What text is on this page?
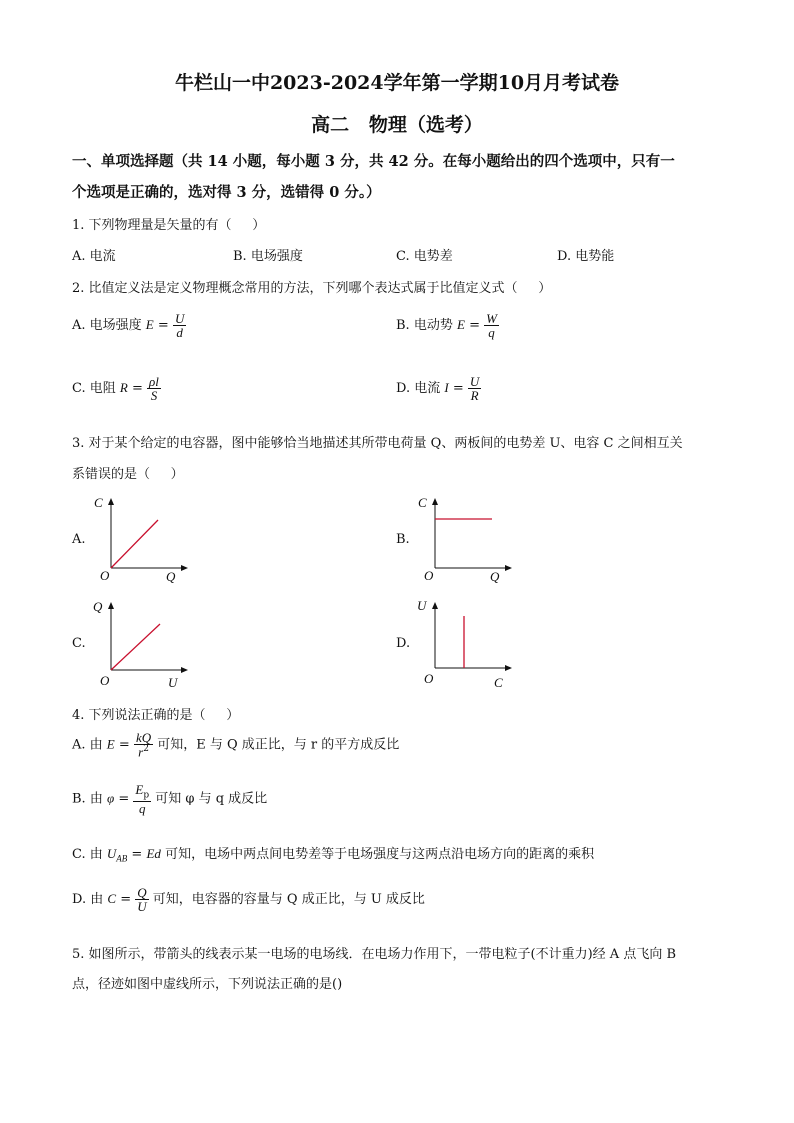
牛栏山一中2023-2024学年第一学期10月月考试卷
高二   物理（选考）
一、单项选择题（共 14 小题，每小题 3 分，共 42 分。在每小题给出的四个选项中，只有一
个选项是正确的，选对得 3 分，选错得 0 分。）
1. 下列物理量是矢量的有（     ）
A. 电流	B. 电场强度	C. 电势差	D. 电势能
2. 比值定义法是定义物理概念常用的方法，下列哪个表达式属于比值定义式（     ）
A. 电场强度 $E = \frac{U}{d}$	B. 电动势 $E = \frac{W}{q}$
C. 电阻 $R = \frac{\rho l}{S}$	D. 电流 $I = \frac{U}{R}$
3. 对于某个给定的电容器，图中能够恰当地描述其所带电荷量 Q、两板间的电势差 U、电容 C 之间相互关
系错误的是（     ）
A.
C
O	Q
B.
C
O	Q
C.
Q
O	U
D.
U
O	C
4. 下列说法正确的是（     ）
A. 由 $E = \frac{kQ}{r^2}$ 可知，E 与 Q 成正比，与 r 的平方成反比
B. 由 $\varphi = \frac{E_p}{q}$ 可知 φ 与 q 成反比
C. 由 $U_{AB} = Ed$ 可知，电场中两点间电势差等于电场强度与这两点沿电场方向的距离的乘积
D. 由 $C = \frac{Q}{U}$ 可知，电容器的容量与 Q 成正比，与 U 成反比
5. 如图所示，带箭头的线表示某一电场的电场线．在电场力作用下，一带电粒子(不计重力)经 A 点飞向 B
点，径迹如图中虚线所示，下列说法正确的是()
